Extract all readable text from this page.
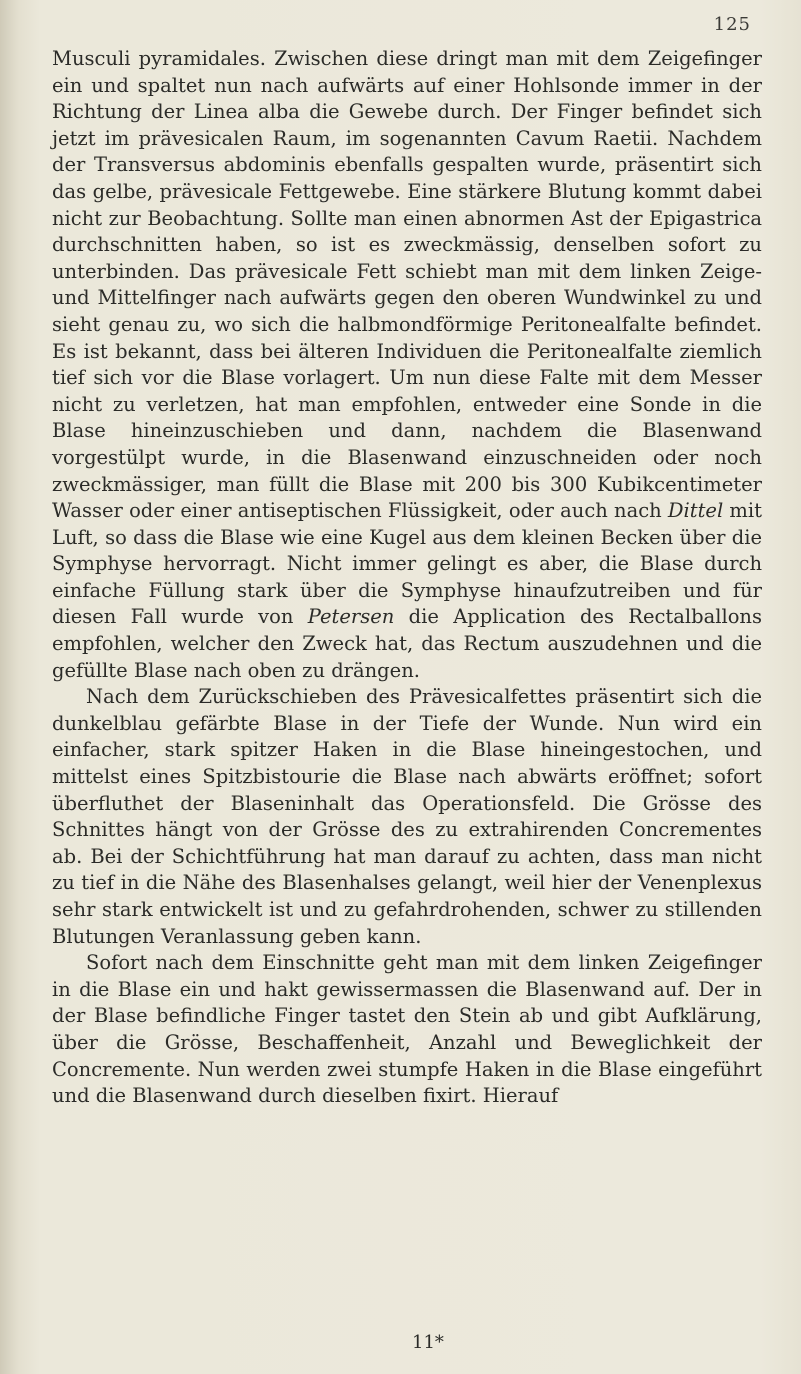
125

Musculi pyramidales. Zwischen diese dringt man mit dem Zeigefinger ein und spaltet nun nach aufwärts auf einer Hohlsonde immer in der Richtung der Linea alba die Gewebe durch. Der Finger befindet sich jetzt im prävesicalen Raum, im sogenannten Cavum Raetii. Nachdem der Transversus abdominis ebenfalls gespalten wurde, präsentirt sich das gelbe, prävesicale Fettgewebe. Eine stärkere Blutung kommt dabei nicht zur Beobachtung. Sollte man einen abnormen Ast der Epigastrica durchschnitten haben, so ist es zweckmässig, denselben sofort zu unterbinden. Das prävesicale Fett schiebt man mit dem linken Zeige- und Mittelfinger nach aufwärts gegen den oberen Wundwinkel zu und sieht genau zu, wo sich die halbmondförmige Peritonealfalte befindet. Es ist bekannt, dass bei älteren Individuen die Peritonealfalte ziemlich tief sich vor die Blase vorlagert. Um nun diese Falte mit dem Messer nicht zu verletzen, hat man empfohlen, entweder eine Sonde in die Blase hineinzuschieben und dann, nachdem die Blasenwand vorgestülpt wurde, in die Blasenwand einzuschneiden oder noch zweckmässiger, man füllt die Blase mit 200 bis 300 Kubikcentimeter Wasser oder einer antiseptischen Flüssigkeit, oder auch nach Dittel mit Luft, so dass die Blase wie eine Kugel aus dem kleinen Becken über die Symphyse hervorragt. Nicht immer gelingt es aber, die Blase durch einfache Füllung stark über die Symphyse hinaufzutreiben und für diesen Fall wurde von Petersen die Application des Rectalballons empfohlen, welcher den Zweck hat, das Rectum auszudehnen und die gefüllte Blase nach oben zu drängen.

Nach dem Zurückschieben des Prävesicalfettes präsentirt sich die dunkelblau gefärbte Blase in der Tiefe der Wunde. Nun wird ein einfacher, stark spitzer Haken in die Blase hineingestochen, und mittelst eines Spitzbistourie die Blase nach abwärts eröffnet; sofort überfluthet der Blaseninhalt das Operationsfeld. Die Grösse des Schnittes hängt von der Grösse des zu extrahirenden Concrementes ab. Bei der Schichtführung hat man darauf zu achten, dass man nicht zu tief in die Nähe des Blasenhalses gelangt, weil hier der Venenplexus sehr stark entwickelt ist und zu gefahrdrohenden, schwer zu stillenden Blutungen Veranlassung geben kann.

Sofort nach dem Einschnitte geht man mit dem linken Zeigefinger in die Blase ein und hakt gewissermassen die Blasenwand auf. Der in der Blase befindliche Finger tastet den Stein ab und gibt Aufklärung, über die Grösse, Beschaffenheit, Anzahl und Beweglichkeit der Concremente. Nun werden zwei stumpfe Haken in die Blase eingeführt und die Blasenwand durch dieselben fixirt. Hierauf

11*
